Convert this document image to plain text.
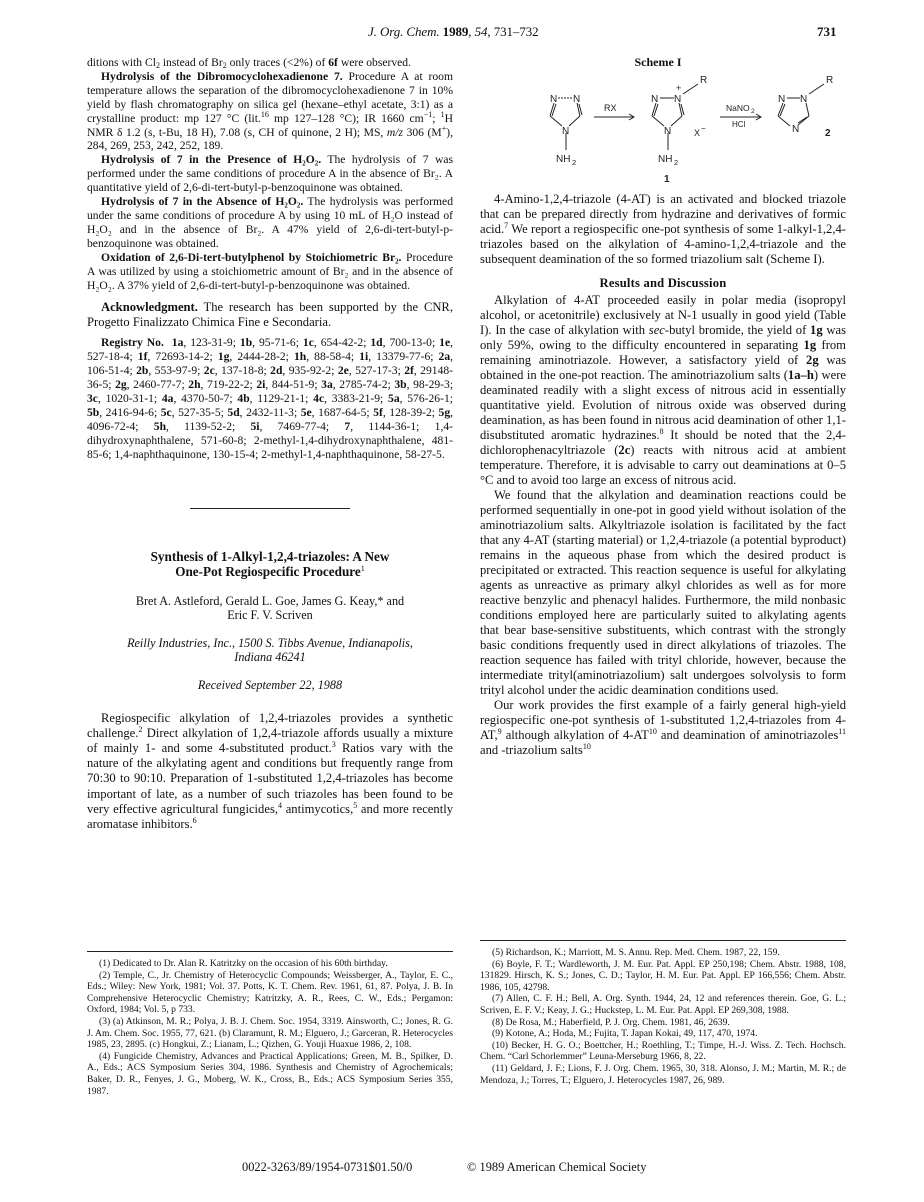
J. Org. Chem. 1989, 54, 731–732	731

ditions with $Cl_2$ instead of $Br_2$ only traces (<2%) of 6f were observed.

Hydrolysis of the Dibromocyclohexadienone 7. Procedure A at room temperature allows the separation of the dibromocyclohexadienone 7 in 10% yield by flash chromatography on silica gel (hexane–ethyl acetate, 3:1) as a crystalline product: mp 127 °C (lit.$^{16}$ mp 127–128 °C); IR 1660 $cm^{-1}$; $^1$H NMR δ 1.2 (s, t-Bu, 18 H), 7.08 (s, CH of quinone, 2 H); MS, m/z 306 (M+), 284, 269, 253, 242, 252, 189.

Hydrolysis of 7 in the Presence of H₂O₂. The hydrolysis of 7 was performed under the same conditions of procedure A in the absence of Br₂. A quantitative yield of 2,6-di-tert-butyl-p-benzoquinone was obtained.

Hydrolysis of 7 in the Absence of H₂O₂. The hydrolysis was performed under the same conditions of procedure A by using 10 mL of H₂O instead of H₂O₂ and in the absence of Br₂. A 47% yield of 2,6-di-tert-butyl-p-benzoquinone was obtained.

Oxidation of 2,6-Di-tert-butylphenol by Stoichiometric Br₂. Procedure A was utilized by using a stoichiometric amount of Br₂ and in the absence of H₂O₂. A 37% yield of 2,6-di-tert-butyl-p-benzoquinone was obtained.

Acknowledgment. The research has been supported by the CNR, Progetto Finalizzato Chimica Fine e Secondaria.

Registry No. 1a, 123-31-9; 1b, 95-71-6; 1c, 654-42-2; 1d, 700-13-0; 1e, 527-18-4; 1f, 72693-14-2; 1g, 2444-28-2; 1h, 88-58-4; 1i, 13379-77-6; 2a, 106-51-4; 2b, 553-97-9; 2c, 137-18-8; 2d, 935-92-2; 2e, 527-17-3; 2f, 29148-36-5; 2g, 2460-77-7; 2h, 719-22-2; 2i, 844-51-9; 3a, 2785-74-2; 3b, 98-29-3; 3c, 1020-31-1; 4a, 4370-50-7; 4b, 1129-21-1; 4c, 3383-21-9; 5a, 576-26-1; 5b, 2416-94-6; 5c, 527-35-5; 5d, 2432-11-3; 5e, 1687-64-5; 5f, 128-39-2; 5g, 4096-72-4; 5h, 1139-52-2; 5i, 7469-77-4; 7, 1144-36-1; 1,4-dihydroxynaphthalene, 571-60-8; 2-methyl-1,4-dihydroxynaphthalene, 481-85-6; 1,4-naphthaquinone, 130-15-4; 2-methyl-1,4-naphthaquinone, 58-27-5.

Synthesis of 1-Alkyl-1,2,4-triazoles: A New
One-Pot Regiospecific Procedure$^1$

Bret A. Astleford, Gerald L. Goe, James G. Keay,* and
Eric F. V. Scriven

Reilly Industries, Inc., 1500 S. Tibbs Avenue, Indianapolis,
Indiana 46241

Received September 22, 1988

Regiospecific alkylation of 1,2,4-triazoles provides a synthetic challenge.$^2$ Direct alkylation of 1,2,4-triazole affords usually a mixture of mainly 1- and some 4-substituted product.$^3$ Ratios vary with the nature of the alkylating agent and conditions but frequently range from 70:30 to 90:10. Preparation of 1-substituted 1,2,4-triazoles has become important of late, as a number of such triazoles has been found to be very effective agricultural fungicides,$^4$ antimycotics,$^5$ and more recently aromatase inhibitors.$^6$

(1) Dedicated to Dr. Alan R. Katritzky on the occasion of his 60th birthday.

(2) Temple, C., Jr. Chemistry of Heterocyclic Compounds; Weissberger, A., Taylor, E. C., Eds.; Wiley: New York, 1981; Vol. 37. Potts, K. T. Chem. Rev. 1961, 61, 87. Polya, J. B. In Comprehensive Heterocyclic Chemistry; Katritzky, A. R., Rees, C. W., Eds.; Pergamon: Oxford, 1984; Vol. 5, p 733.

(3) (a) Atkinson, M. R.; Polya, J. B. J. Chem. Soc. 1954, 3319. Ainsworth, C.; Jones, R. G. J. Am. Chem. Soc. 1955, 77, 621. (b) Claramunt, R. M.; Elguero, J.; Garceran, R. Heterocycles 1985, 23, 2895. (c) Hongkui, Z.; Lianam, L.; Qizhen, G. Youji Huaxue 1986, 2, 108.

(4) Fungicide Chemistry, Advances and Practical Applications; Green, M. B., Spilker, D. A., Eds.; ACS Symposium Series 304, 1986. Synthesis and Chemistry of Agrochemicals; Baker, D. R., Fenyes, J. G., Moberg, W. K., Cross, B., Eds.; ACS Symposium Series 355, 1987.

Scheme I
N N
N
NH 2
RX
N N
+
R
N	X −
NH 2
1
NaNO 2
HCl
N N
R
N	2

4-Amino-1,2,4-triazole (4-AT) is an activated and blocked triazole that can be prepared directly from hydrazine and derivatives of formic acid.$^7$ We report a regiospecific one-pot synthesis of some 1-alkyl-1,2,4-triazoles based on the alkylation of 4-amino-1,2,4-triazole and the subsequent deamination of the so formed triazolium salt (Scheme I).

Results and Discussion

Alkylation of 4-AT proceeded easily in polar media (isopropyl alcohol, or acetonitrile) exclusively at N-1 usually in good yield (Table I). In the case of alkylation with sec-butyl bromide, the yield of 1g was only 59%, owing to the difficulty encountered in separating 1g from remaining aminotriazole. However, a satisfactory yield of 2g was obtained in the one-pot reaction. The aminotriazolium salts (1a–h) were deaminated readily with a slight excess of nitrous acid in essentially quantitative yield. Evolution of nitrous oxide was observed during deamination, as has been found in nitrous acid deamination of other 1,1-disubstituted aromatic hydrazines.$^8$ It should be noted that the 2,4-dichlorophenacyltriazole (2c) reacts with nitrous acid at ambient temperature. Therefore, it is advisable to carry out deaminations at 0–5 °C and to avoid too large an excess of nitrous acid.

We found that the alkylation and deamination reactions could be performed sequentially in one-pot in good yield without isolation of the aminotriazolium salts. Alkyltriazole isolation is facilitated by the fact that any 4-AT (starting material) or 1,2,4-triazole (a potential byproduct) remains in the aqueous phase from which the desired product is precipitated or extracted. This reaction sequence is useful for alkylating agents as unreactive as primary alkyl chlorides as well as for more reactive benzylic and phenacyl halides. Furthermore, the mild nonbasic conditions employed here are particularly suited to alkylating agents that bear base-sensitive substituents, which contrast with the strongly basic conditions frequently used in direct alkylations of triazoles. The reaction sequence has failed with trityl chloride, however, because the intermediate trityl(aminotriazolium) salt undergoes solvolysis to form trityl alcohol under the acidic deamination conditions used.

Our work provides the first example of a fairly general high-yield regiospecific one-pot synthesis of 1-substituted 1,2,4-triazoles from 4-AT,$^9$ although alkylation of 4-AT$^{10}$ and deamination of aminotriazoles$^{11}$ and -triazolium salts$^{10}$

(5) Richardson, K.; Marriott, M. S. Annu. Rep. Med. Chem. 1987, 22, 159.

(6) Boyle, F. T.; Wardleworth, J. M. Eur. Pat. Appl. EP 250,198; Chem. Abstr. 1988, 108, 131829. Hirsch, K. S.; Jones, C. D.; Taylor, H. M. Eur. Pat. Appl. EP 166,556; Chem. Abstr. 1986, 105, 42798.

(7) Allen, C. F. H.; Bell, A. Org. Synth. 1944, 24, 12 and references therein. Goe, G. L.; Scriven, E. F. V.; Keay, J. G.; Huckstep, L. M. Eur. Pat. Appl. EP 269,308, 1988.

(8) De Rosa, M.; Haberfield, P. J. Org. Chem. 1981, 46, 2639.

(9) Kotone, A.; Hoda, M.; Fujita, T. Japan Kokai, 49, 117, 470, 1974.

(10) Becker, H. G. O.; Boettcher, H.; Roethling, T.; Timpe, H.-J. Wiss. Z. Tech. Hochsch. Chem. “Carl Schorlemmer” Leuna-Merseburg 1966, 8, 22.

(11) Geldard, J. F.; Lions, F. J. Org. Chem. 1965, 30, 318. Alonso, J. M.; Martin, M. R.; de Mendoza, J.; Torres, T.; Elguero, J. Heterocycles 1987, 26, 989.

0022-3263/89/1954-0731$01.50/0	© 1989 American Chemical Society
